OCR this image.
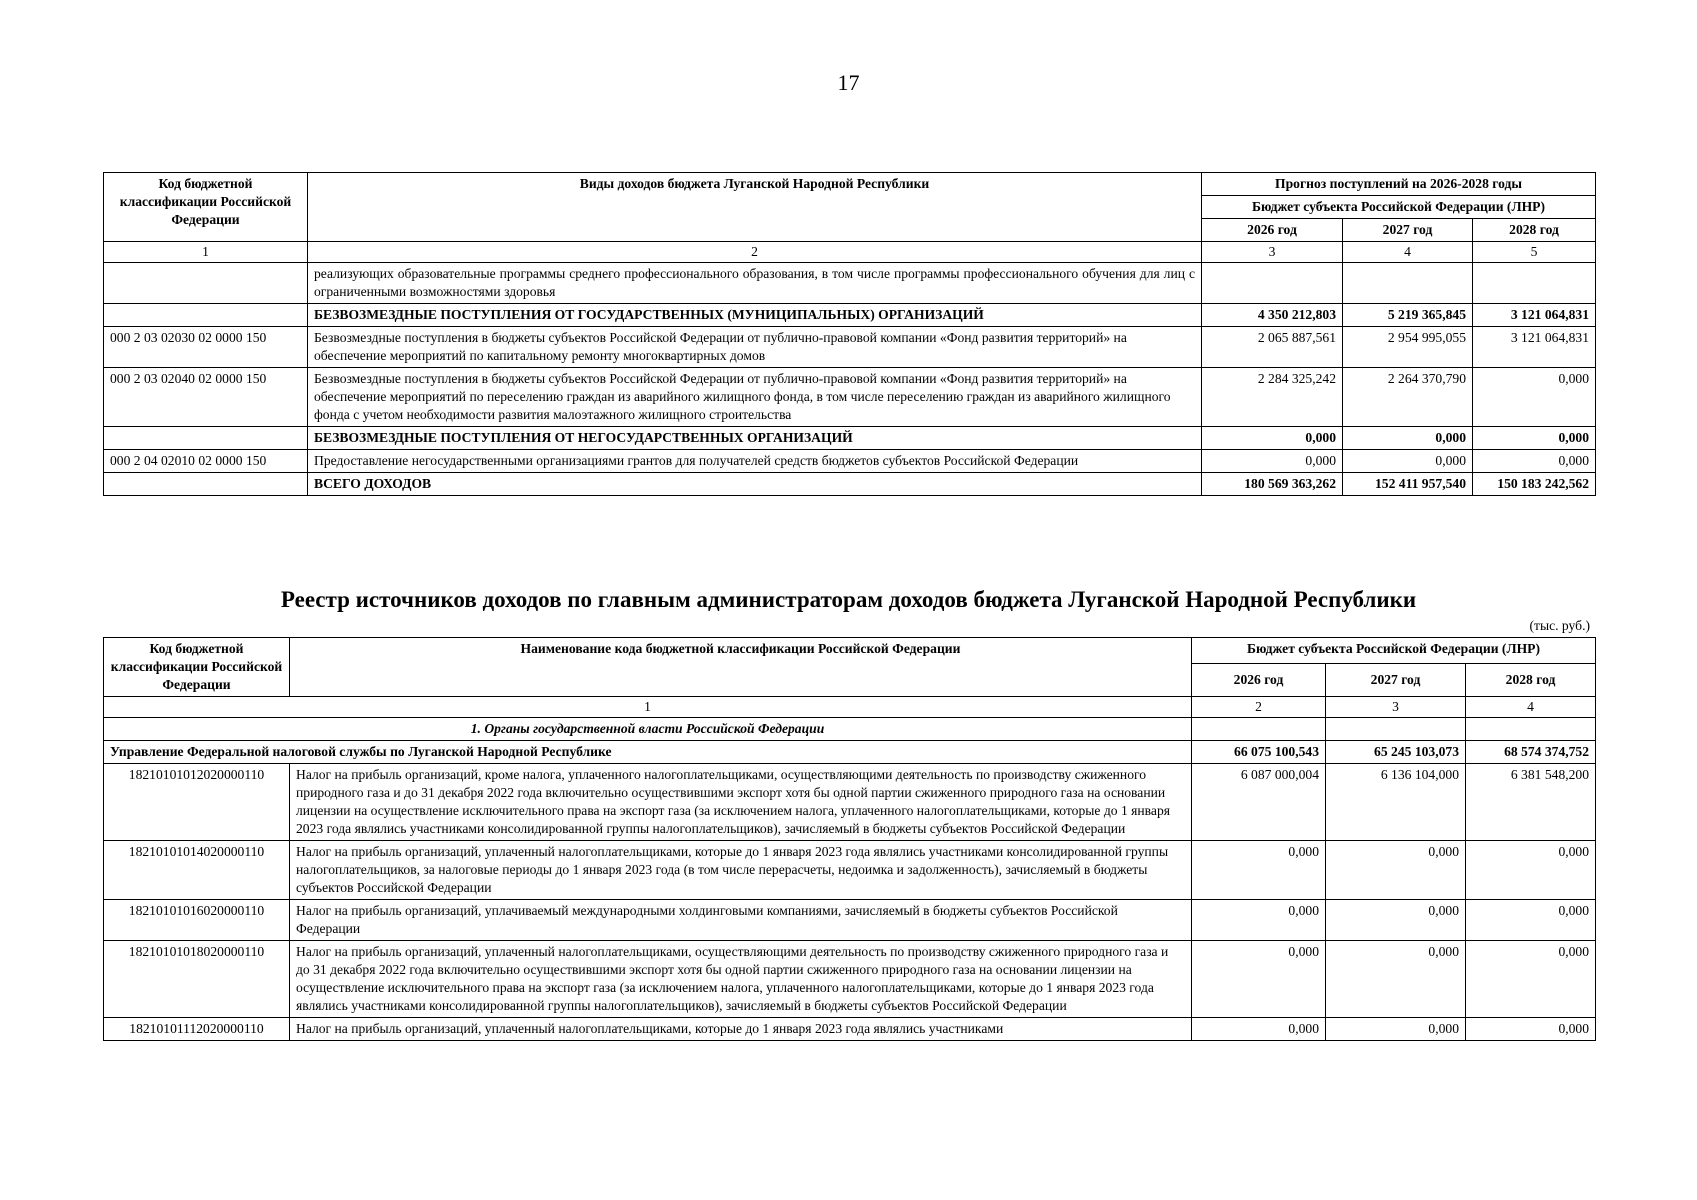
17
Код бюджетной классификации Российской Федерации	Виды доходов бюджета Луганской Народной Республики	Прогноз поступлений на 2026-2028 годы		
		Бюджет субъекта Российской Федерации (ЛНР)		
		2026 год	2027 год	2028 год
1	2	3	4	5
	реализующих образовательные программы среднего профессионального образования, в том числе программы профессионального обучения для лиц с ограниченными возможностями здоровья			
	БЕЗВОЗМЕЗДНЫЕ ПОСТУПЛЕНИЯ ОТ ГОСУДАРСТВЕННЫХ (МУНИЦИПАЛЬНЫХ) ОРГАНИЗАЦИЙ	4 350 212,803	5 219 365,845	3 121 064,831
000 2 03 02030 02 0000 150	Безвозмездные поступления в бюджеты субъектов Российской Федерации от публично-правовой компании «Фонд развития территорий» на обеспечение мероприятий по капитальному ремонту многоквартирных домов	2 065 887,561	2 954 995,055	3 121 064,831
000 2 03 02040 02 0000 150	Безвозмездные поступления в бюджеты субъектов Российской Федерации от публично-правовой компании «Фонд развития территорий» на обеспечение мероприятий по переселению граждан из аварийного жилищного фонда, в том числе переселению граждан из аварийного жилищного фонда с учетом необходимости развития малоэтажного жилищного строительства	2 284 325,242	2 264 370,790	0,000
	БЕЗВОЗМЕЗДНЫЕ ПОСТУПЛЕНИЯ ОТ НЕГОСУДАРСТВЕННЫХ ОРГАНИЗАЦИЙ	0,000	0,000	0,000
000 2 04 02010 02 0000 150	Предоставление негосударственными организациями грантов для получателей средств бюджетов субъектов Российской Федерации	0,000	0,000	0,000
	ВСЕГО ДОХОДОВ	180 569 363,262	152 411 957,540	150 183 242,562
Реестр источников доходов по главным администраторам доходов бюджета Луганской Народной Республики
(тыс. руб.)
Код бюджетной классификации Российской Федерации	Наименование кода бюджетной классификации Российской Федерации	Бюджет субъекта Российской Федерации (ЛНР)		
		2026 год	2027 год	2028 год
1		2	3	4
1. Органы государственной власти Российской Федерации				
Управление Федеральной налоговой службы по Луганской Народной Республике		66 075 100,543	65 245 103,073	68 574 374,752
18210101012020000110	Налог на прибыль организаций, кроме налога, уплаченного налогоплательщиками, осуществляющими деятельность по производству сжиженного природного газа и до 31 декабря 2022 года включительно осуществившими экспорт хотя бы одной партии сжиженного природного газа на основании лицензии на осуществление исключительного права на экспорт газа (за исключением налога, уплаченного налогоплательщиками, которые до 1 января 2023 года являлись участниками консолидированной группы налогоплательщиков), зачисляемый в бюджеты субъектов Российской Федерации	6 087 000,004	6 136 104,000	6 381 548,200
18210101014020000110	Налог на прибыль организаций, уплаченный налогоплательщиками, которые до 1 января 2023 года являлись участниками консолидированной группы налогоплательщиков, за налоговые периоды до 1 января 2023 года (в том числе перерасчеты, недоимка и задолженность), зачисляемый в бюджеты субъектов Российской Федерации	0,000	0,000	0,000
18210101016020000110	Налог на прибыль организаций, уплачиваемый международными холдинговыми компаниями, зачисляемый в бюджеты субъектов Российской Федерации	0,000	0,000	0,000
18210101018020000110	Налог на прибыль организаций, уплаченный налогоплательщиками, осуществляющими деятельность по производству сжиженного природного газа и до 31 декабря 2022 года включительно осуществившими экспорт хотя бы одной партии сжиженного природного газа на основании лицензии на осуществление исключительного права на экспорт газа (за исключением налога, уплаченного налогоплательщиками, которые до 1 января 2023 года являлись участниками консолидированной группы налогоплательщиков), зачисляемый в бюджеты субъектов Российской Федерации	0,000	0,000	0,000
18210101112020000110	Налог на прибыль организаций, уплаченный налогоплательщиками, которые до 1 января 2023 года являлись участниками	0,000	0,000	0,000
